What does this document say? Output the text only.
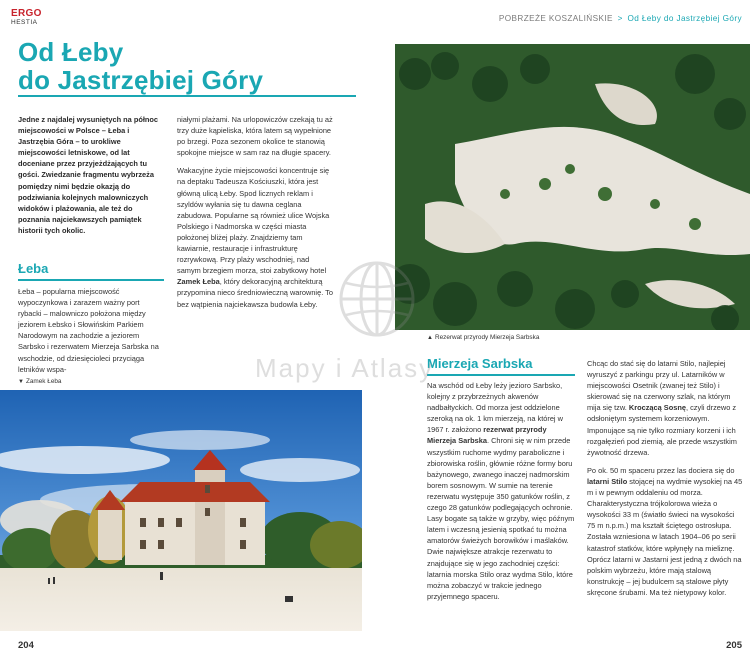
ERGO
HESTIA
Od Łeby
do Jastrzębiej Góry

Jedne z najdalej wysuniętych na północ miejscowości w Polsce – Łeba i Jastrzębia Góra – to urokliwe miejscowości letniskowe, od lat doceniane przez przyjeżdżających tu gości. Zwiedzanie fragmentu wybrzeża pomiędzy nimi będzie okazją do podziwiania kolejnych malowniczych widoków i plażowania, ale też do poznania najciekawszych pamiątek historii tych okolic.

Łeba

Łeba – popularna miejscowość wypoczynkowa i zarazem ważny port rybacki – malowniczo położona między jeziorem Łebsko i Słowińskim Parkiem Narodowym na zachodzie a jeziorem Sarbsko i rezerwatem Mierzeja Sarbska na wschodzie, od dziesięcioleci przyciąga letników wspa-

niałymi plażami. Na urlopowiczów czekają tu aż trzy duże kąpieliska, która latem są wypełnione po brzegi. Poza sezonem okolice te stanowią spokojne miejsce w sam raz na długie spacery.

Wakacyjne życie miejscowości koncentruje się na deptaku Tadeusza Kościuszki, która jest główną ulicą Łeby. Spod licznych reklam i szyldów wyłania się tu dawna ceglana zabudowa. Popularne są również ulice Wojska Polskiego i Nadmorska w części miasta położonej bliżej plaży. Znajdziemy tam kawiarnie, restauracje i infrastrukturę rozrywkową. Przy plaży wschodniej, nad samym brzegiem morza, stoi zabytkowy hotel Zamek Łeba, który dekoracyjną architekturą przypomina nieco średniowieczną warownię. To bez wątpienia najciekawsza budowla Łeby.

▼ Zamek Łeba
204
POBRZEŻE KOSZALIŃSKIE > Od Łeby do Jastrzębiej Góry
▲ Rezerwat przyrody Mierzeja Sarbska
Mierzeja Sarbska

Na wschód od Łeby leży jezioro Sarbsko, kolejny z przybrzeżnych akwenów nadbałtyckich. Od morza jest oddzielone szeroką na ok. 1 km mierzeją, na której w 1967 r. założono rezerwat przyrody Mierzeja Sarbska. Chroni się w nim przede wszystkim ruchome wydmy paraboliczne i zbiorowiska roślin, głównie różne formy boru bażynowego, zwanego inaczej nadmorskim borem sosnowym. W sumie na terenie rezerwatu występuje 350 gatunków roślin, z czego 28 gatunków podlegających ochronie. Lasy bogate są także w grzyby, więc późnym latem i wczesną jesienią spotkać tu można amatorów świeżych borowików i maślaków. Dwie największe atrakcje rezerwatu to znajdujące się w jego zachodniej części: latarnia morska Stilo oraz wydma Stilo, które można zobaczyć w trakcie jednego przyjemnego spaceru.

Chcąc do stać się do latarni Stilo, najlepiej wyruszyć z parkingu przy ul. Latarników w miejscowości Osetnik (zwanej też Stilo) i skierować się na czerwony szlak, na którym mija się tzw. Kroczącą Sosnę, czyli drzewo z odsłoniętym systemem korzeniowym. Imponujące są nie tylko rozmiary korzeni i ich rozgałęzień pod ziemią, ale przede wszystkim żywotność drzewa.

Po ok. 50 m spaceru przez las dociera się do latarni Stilo stojącej na wydmie wysokiej na 45 m i w pewnym oddaleniu od morza. Charakterystyczna trójkolorowa wieża o wysokości 33 m (światło świeci na wysokości 75 m n.p.m.) ma kształt ściętego ostrosłupa. Została wzniesiona w latach 1904–06 po serii katastrof statków, które wpłynęły na mieliznę. Oprócz latarni w Jastarni jest jedną z dwóch na polskim wybrzeżu, które mają stalową konstrukcję – jej budulcem są stalowe płyty skręcone śrubami. Ma też nietypowy kolor.

205
Mapy i Atlasy
